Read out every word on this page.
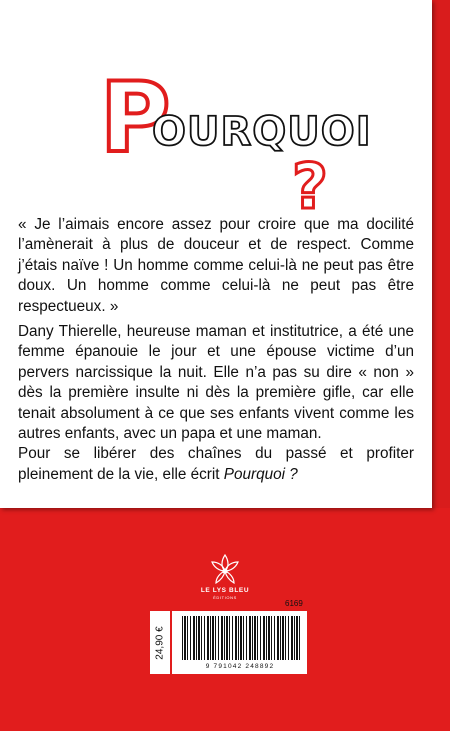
P
?
OURQUOI
« Je l’aimais encore assez pour croire que ma docilité l’amènerait à plus de douceur et de respect. Comme j’étais naïve ! Un homme comme celui-là ne peut pas être doux. Un homme comme celui-là ne peut pas être respectueux. »

Dany Thierelle, heureuse maman et institutrice, a été une femme épanouie le jour et une épouse victime d’un pervers narcissique la nuit. Elle n’a pas su dire « non » dès la première insulte ni dès la première gifle, car elle tenait absolument à ce que ses enfants vivent comme les autres enfants, avec un papa et une maman.

Pour se libérer des chaînes du passé et profiter pleinement de la vie, elle écrit Pourquoi ?

LE LYS BLEU
ÉDITIONS
6169
24,90 €
9 791042 248892
